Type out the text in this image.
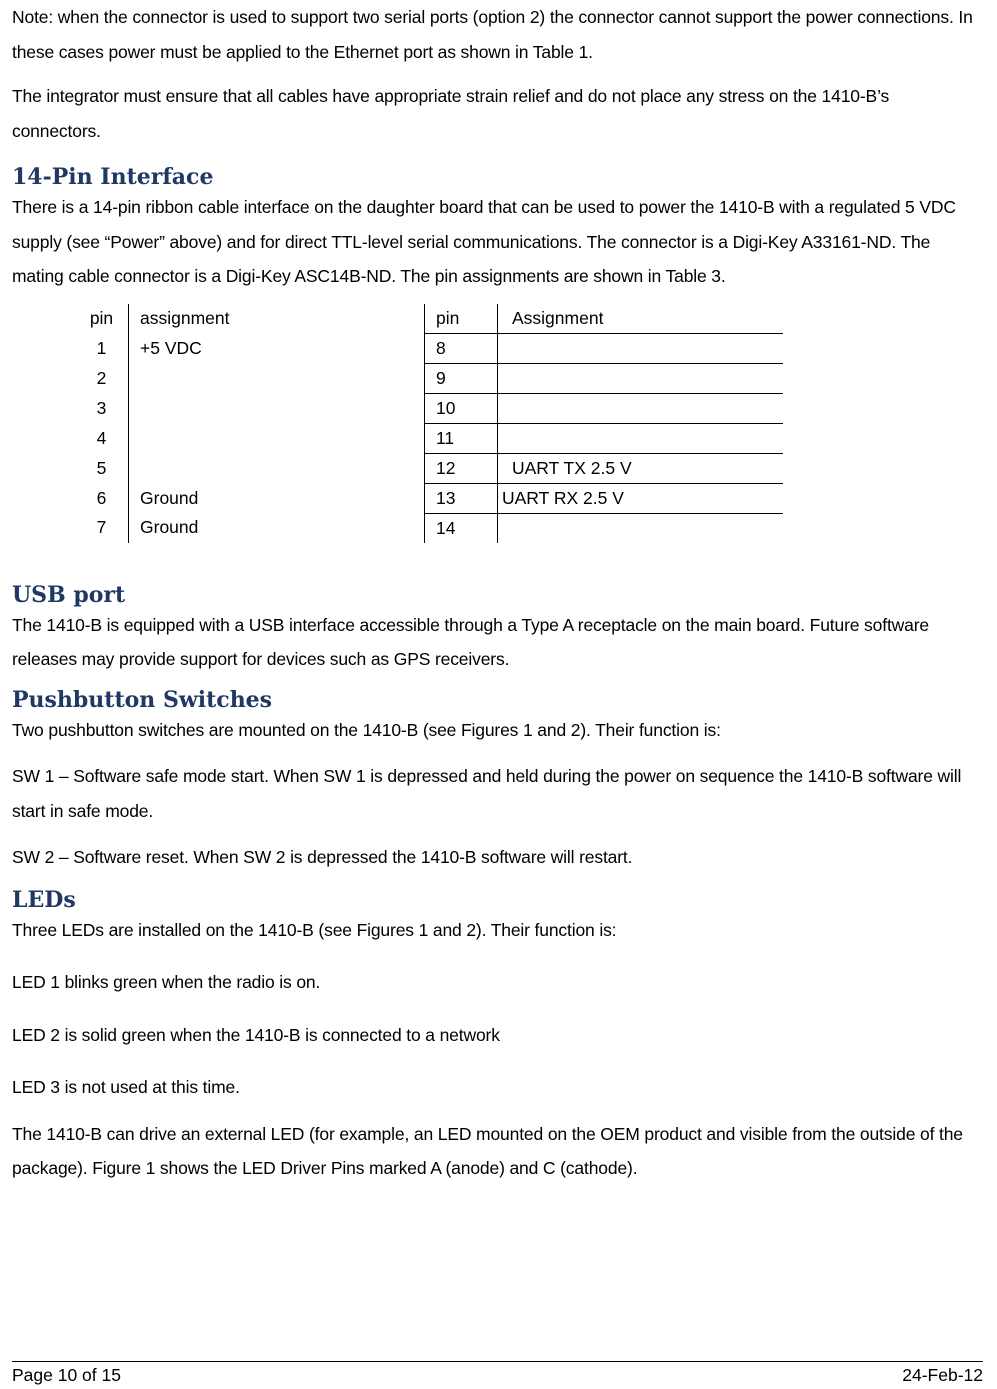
Note: when the connector is used to support two serial ports (option 2) the connector cannot support the power connections. In these cases power must be applied to the Ethernet port as shown in Table 1.

The integrator must ensure that all cables have appropriate strain relief and do not place any stress on the 1410-B’s connectors.

14-Pin Interface

There is a 14-pin ribbon cable interface on the daughter board that can be used to power the 1410-B with a regulated 5 VDC supply (see “Power” above) and for direct TTL-level serial communications. The connector is a Digi-Key A33161-ND. The mating cable connector is a Digi-Key ASC14B-ND. The pin assignments are shown in Table 3.

pin	assignment	pin	Assignment
1	+5 VDC	8	
2		9	
3		10	
4		11	
5		12	UART TX 2.5 V
6	Ground	13	UART RX 2.5 V
7	Ground	14	
USB port

The 1410-B is equipped with a USB interface accessible through a Type A receptacle on the main board. Future software releases may provide support for devices such as GPS receivers.

Pushbutton Switches

Two pushbutton switches are mounted on the 1410-B (see Figures 1 and 2). Their function is:

SW 1 – Software safe mode start. When SW 1 is depressed and held during the power on sequence the 1410-B software will start in safe mode.

SW 2 – Software reset. When SW 2 is depressed the 1410-B software will restart.

LEDs

Three LEDs are installed on the 1410-B (see Figures 1 and 2). Their function is:

LED 1 blinks green when the radio is on.

LED 2 is solid green when the 1410-B is connected to a network

LED 3 is not used at this time.

The 1410-B can drive an external LED (for example, an LED mounted on the OEM product and visible from the outside of the package). Figure 1 shows the LED Driver Pins marked A (anode) and C (cathode).

Page 10 of 15	24-Feb-12
